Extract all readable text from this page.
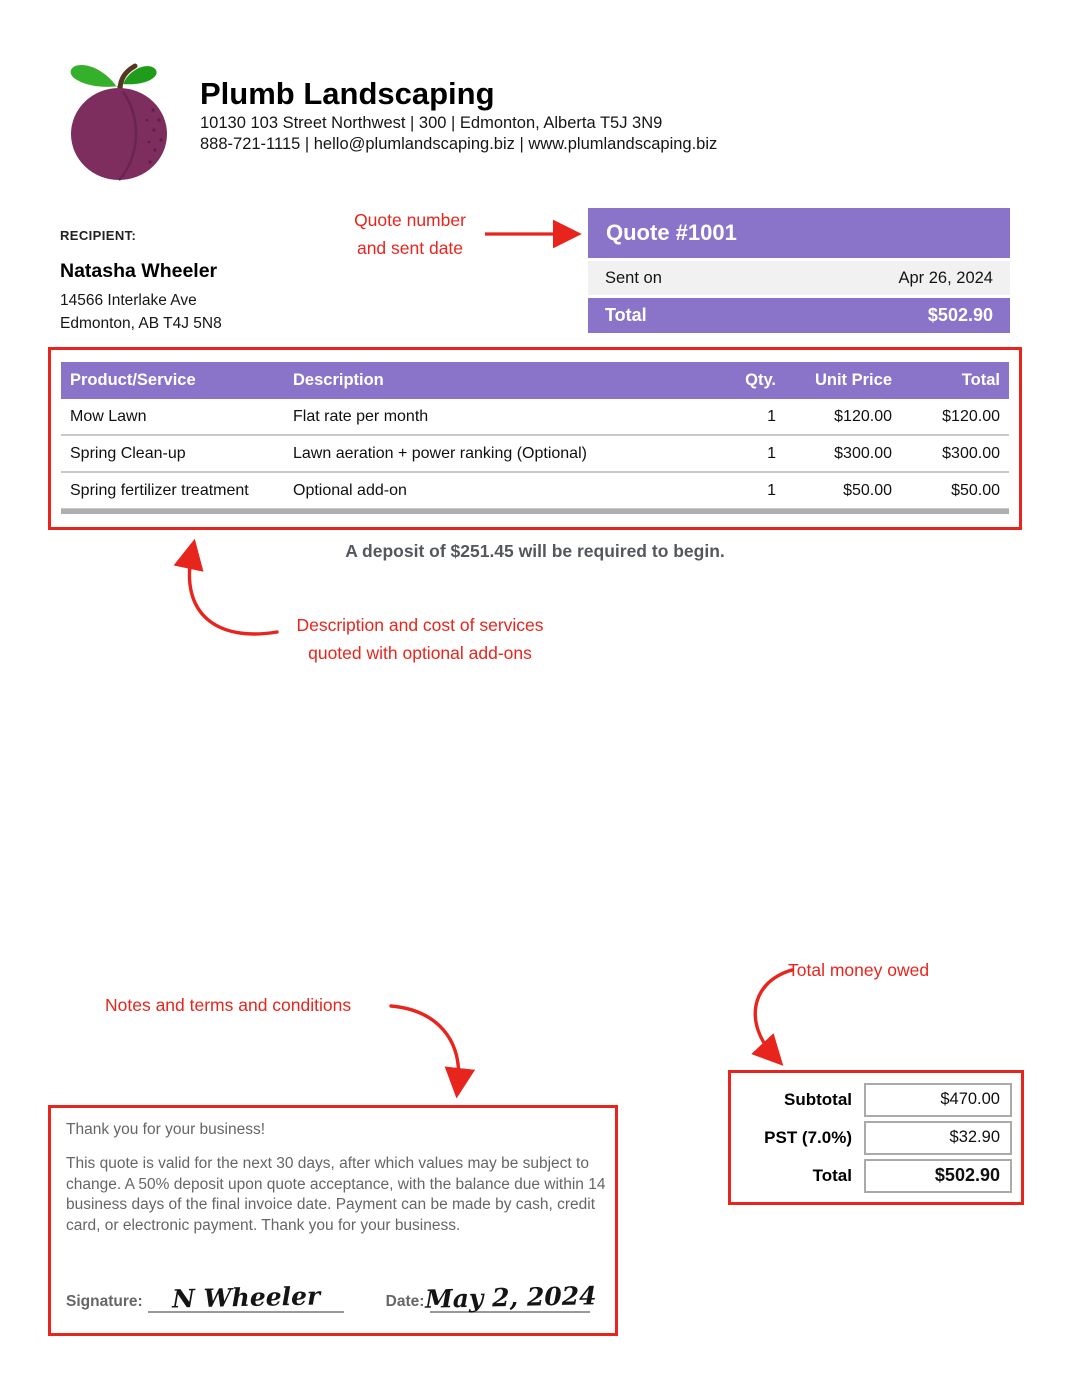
Plumb Landscaping
10130 103 Street Northwest | 300 | Edmonton, Alberta T5J 3N9
888-721-1115 | hello@plumlandscaping.biz | www.plumlandscaping.biz
RECIPIENT:
Natasha Wheeler
14566 Interlake Ave
Edmonton, AB T4J 5N8
Quote number
and sent date
Quote #1001
Sent on	Apr 26, 2024
Total	$502.90
Product/Service	Description	Qty.	Unit Price	Total
Mow Lawn	Flat rate per month	1	$120.00	$120.00
Spring Clean-up	Lawn aeration + power ranking (Optional)	1	$300.00	$300.00
Spring fertilizer treatment	Optional add-on	1	$50.00	$50.00
A deposit of $251.45 will be required to begin.
Description and cost of services
quoted with optional add-ons
Total money owed
Subtotal	$470.00
PST (7.0%)	$32.90
Total	$502.90
Notes and terms and conditions
Thank you for your business!
This quote is valid for the next 30 days, after which values may be subject to change. A 50% deposit upon quote acceptance, with the balance due within 14 business days of the final invoice date. Payment can be made by cash, credit card, or electronic payment. Thank you for your business.
Signature: N Wheeler	Date: May 2, 2024
